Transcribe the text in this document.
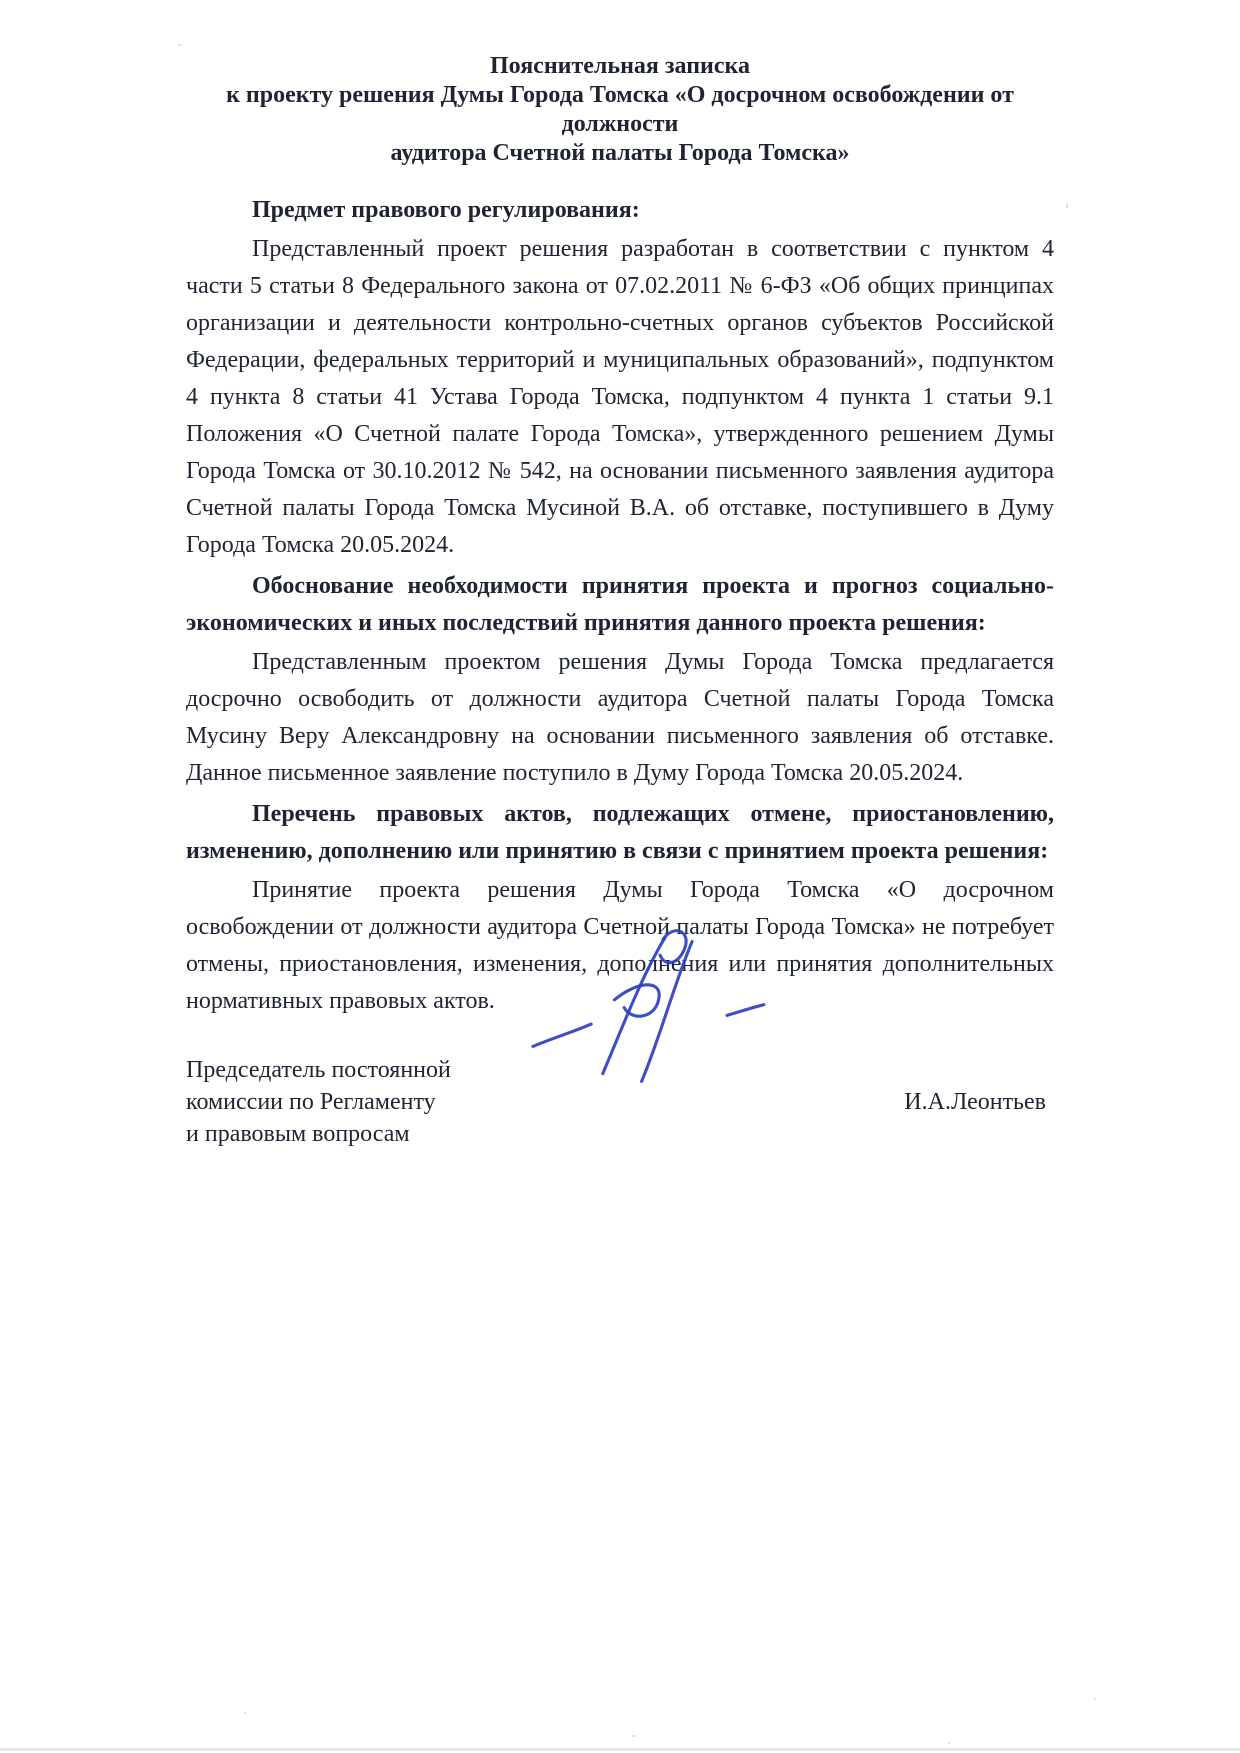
Пояснительная записка
к проекту решения Думы Города Томска «О досрочном освобождении от должности
аудитора Счетной палаты Города Томска»

Предмет правового регулирования:

Представленный проект решения разработан в соответствии с пунктом 4 части 5 статьи 8 Федерального закона от 07.02.2011 № 6-ФЗ «Об общих принципах организации и деятельности контрольно-счетных органов субъектов Российской Федерации, федеральных территорий и муниципальных образований», подпунктом 4 пункта 8 статьи 41 Устава Города Томска, подпунктом 4 пункта 1 статьи 9.1 Положения «О Счетной палате Города Томска», утвержденного решением Думы Города Томска от 30.10.2012 № 542, на основании письменного заявления аудитора Счетной палаты Города Томска Мусиной В.А. об отставке, поступившего в Думу Города Томска 20.05.2024.

Обоснование необходимости принятия проекта и прогноз социально-экономических и иных последствий принятия данного проекта решения:

Представленным проектом решения Думы Города Томска предлагается досрочно освободить от должности аудитора Счетной палаты Города Томска Мусину Веру Александровну на основании письменного заявления об отставке. Данное письменное заявление поступило в Думу Города Томска 20.05.2024.

Перечень правовых актов, подлежащих отмене, приостановлению, изменению, дополнению или принятию в связи с принятием проекта решения:

Принятие проекта решения Думы Города Томска «О досрочном освобождении от должности аудитора Счетной палаты Города Томска» не потребует отмены, приостановления, изменения, дополнения или принятия дополнительных нормативных правовых актов.

Председатель постоянной
комиссии по Регламенту
и правовым вопросам
И.А.Леонтьев
